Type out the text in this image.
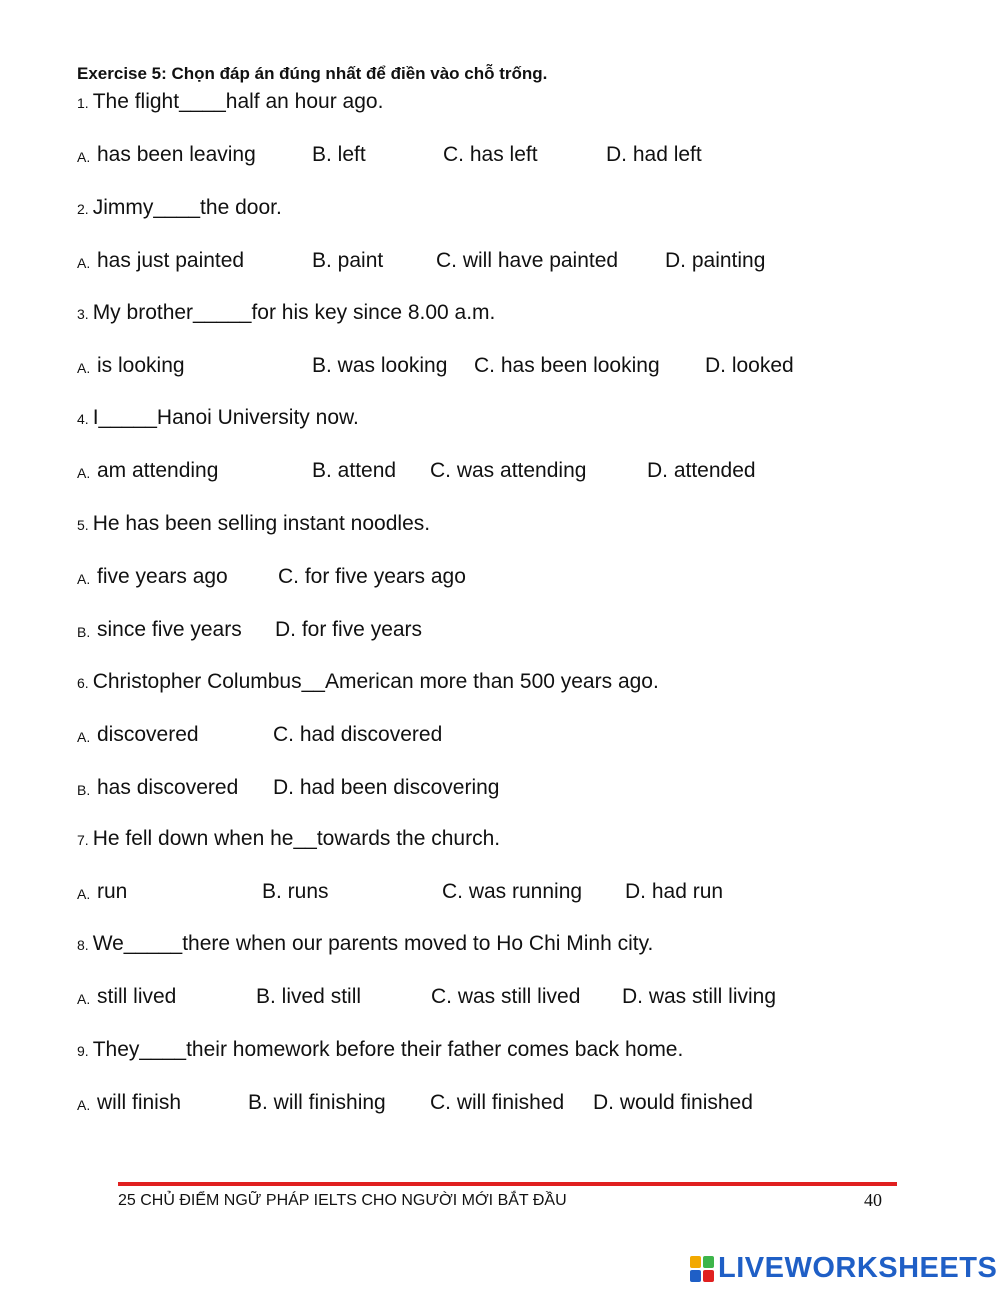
Exercise 5: Chọn đáp án đúng nhất để điền vào chỗ trống.
1. The flight____half an hour ago.
A. has been leaving	B. left	C. has left	D. had left
2. Jimmy____the door.
A. has just painted	B. paint	C. will have painted D. painting
3. My brother_____for his key since 8.00 a.m.
A. is looking	B. was looking C. has been looking D. looked
4. I_____Hanoi University now.
A. am attending	B. attend C. was attending	D. attended
5. He has been selling instant noodles.
A. five years ago C. for five years ago
B. since five years D. for five years
6. Christopher Columbus__American more than 500 years ago.
A. discovered	C. had discovered
B. has discovered D. had been discovering
7. He fell down when he__towards the church.
A. run	B. runs	C. was running D. had run
8. We_____there when our parents moved to Ho Chi Minh city.
A. still lived	B. lived still	C. was still lived D. was still living
9. They____their homework before their father comes back home.
A. will finish	B. will finishing C. will finished D. would finished
25 CHỦ ĐIỂM NGỮ PHÁP IELTS CHO NGƯỜI MỚI BẮT ĐẦU	40
LIVEWORKSHEETS
